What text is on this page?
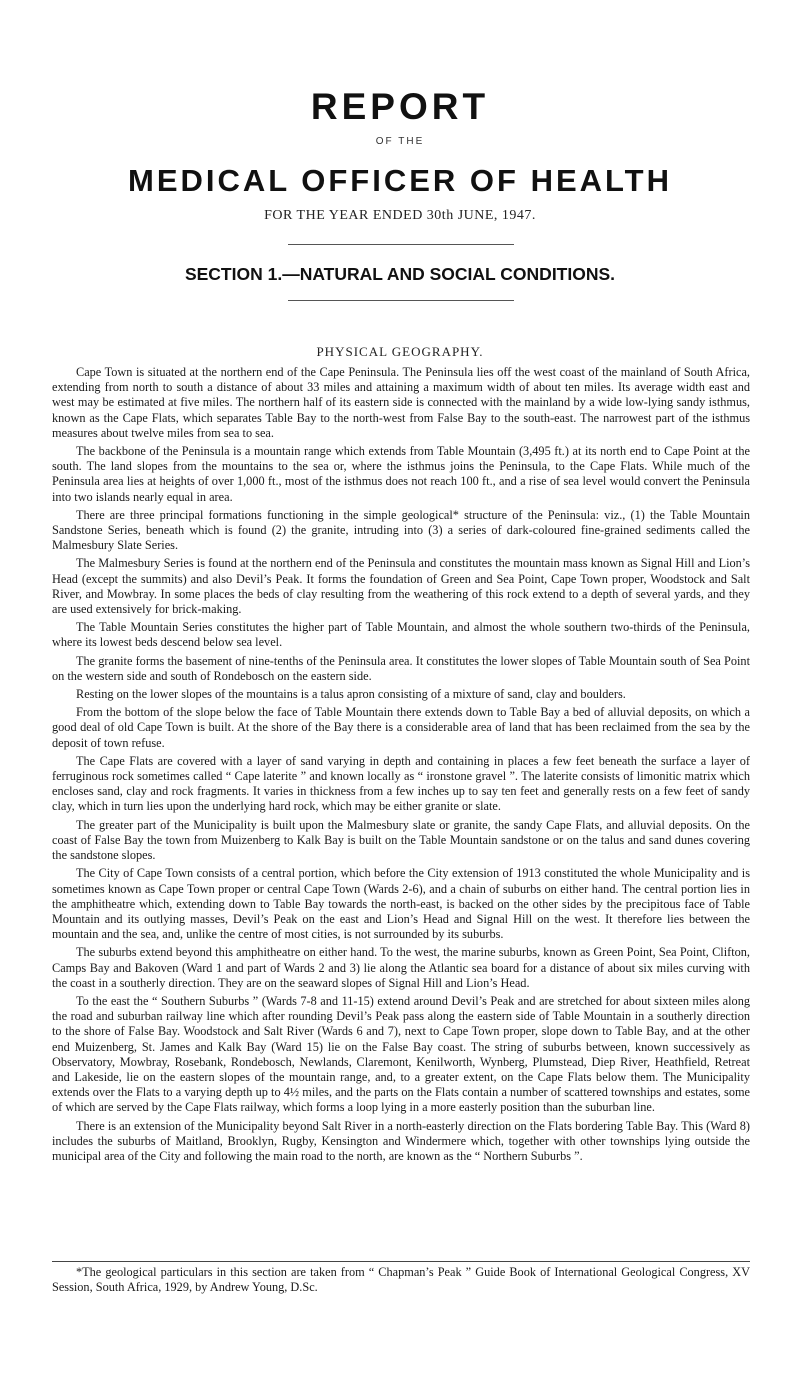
REPORT
OF THE
MEDICAL OFFICER OF HEALTH
FOR THE YEAR ENDED 30th JUNE, 1947.
SECTION 1.—NATURAL AND SOCIAL CONDITIONS.
PHYSICAL GEOGRAPHY.

Cape Town is situated at the northern end of the Cape Peninsula. The Peninsula lies off the west coast of the mainland of South Africa, extending from north to south a distance of about 33 miles and attaining a maximum width of about ten miles. Its average width east and west may be estimated at five miles. The northern half of its eastern side is connected with the mainland by a wide low-lying sandy isthmus, known as the Cape Flats, which separates Table Bay to the north-west from False Bay to the south-east. The narrowest part of the isthmus measures about twelve miles from sea to sea.

The backbone of the Peninsula is a mountain range which extends from Table Mountain (3,495 ft.) at its north end to Cape Point at the south. The land slopes from the mountains to the sea or, where the isthmus joins the Peninsula, to the Cape Flats. While much of the Peninsula area lies at heights of over 1,000 ft., most of the isthmus does not reach 100 ft., and a rise of sea level would convert the Peninsula into two islands nearly equal in area.

There are three principal formations functioning in the simple geological* structure of the Peninsula: viz., (1) the Table Mountain Sandstone Series, beneath which is found (2) the granite, intruding into (3) a series of dark-coloured fine-grained sediments called the Malmesbury Slate Series.

The Malmesbury Series is found at the northern end of the Peninsula and constitutes the mountain mass known as Signal Hill and Lion’s Head (except the summits) and also Devil’s Peak. It forms the foundation of Green and Sea Point, Cape Town proper, Woodstock and Salt River, and Mowbray. In some places the beds of clay resulting from the weathering of this rock extend to a depth of several yards, and they are used extensively for brick-making.

The Table Mountain Series constitutes the higher part of Table Mountain, and almost the whole southern two-thirds of the Peninsula, where its lowest beds descend below sea level.

The granite forms the basement of nine-tenths of the Peninsula area. It constitutes the lower slopes of Table Mountain south of Sea Point on the western side and south of Rondebosch on the eastern side.

Resting on the lower slopes of the mountains is a talus apron consisting of a mixture of sand, clay and boulders.

From the bottom of the slope below the face of Table Mountain there extends down to Table Bay a bed of alluvial deposits, on which a good deal of old Cape Town is built. At the shore of the Bay there is a considerable area of land that has been reclaimed from the sea by the deposit of town refuse.

The Cape Flats are covered with a layer of sand varying in depth and containing in places a few feet beneath the surface a layer of ferruginous rock sometimes called “ Cape laterite ” and known locally as “ ironstone gravel ”. The laterite consists of limonitic matrix which encloses sand, clay and rock fragments. It varies in thickness from a few inches up to say ten feet and generally rests on a few feet of sandy clay, which in turn lies upon the underlying hard rock, which may be either granite or slate.

The greater part of the Municipality is built upon the Malmesbury slate or granite, the sandy Cape Flats, and alluvial deposits. On the coast of False Bay the town from Muizenberg to Kalk Bay is built on the Table Mountain sandstone or on the talus and sand dunes covering the sandstone slopes.

The City of Cape Town consists of a central portion, which before the City extension of 1913 constituted the whole Municipality and is sometimes known as Cape Town proper or central Cape Town (Wards 2-6), and a chain of suburbs on either hand. The central portion lies in the amphitheatre which, extending down to Table Bay towards the north-east, is backed on the other sides by the precipitous face of Table Mountain and its outlying masses, Devil’s Peak on the east and Lion’s Head and Signal Hill on the west. It therefore lies between the mountain and the sea, and, unlike the centre of most cities, is not surrounded by its suburbs.

The suburbs extend beyond this amphitheatre on either hand. To the west, the marine suburbs, known as Green Point, Sea Point, Clifton, Camps Bay and Bakoven (Ward 1 and part of Wards 2 and 3) lie along the Atlantic sea board for a distance of about six miles curving with the coast in a southerly direction. They are on the seaward slopes of Signal Hill and Lion’s Head.

To the east the “ Southern Suburbs ” (Wards 7-8 and 11-15) extend around Devil’s Peak and are stretched for about sixteen miles along the road and suburban railway line which after rounding Devil’s Peak pass along the eastern side of Table Mountain in a southerly direction to the shore of False Bay. Woodstock and Salt River (Wards 6 and 7), next to Cape Town proper, slope down to Table Bay, and at the other end Muizenberg, St. James and Kalk Bay (Ward 15) lie on the False Bay coast. The string of suburbs between, known successively as Observatory, Mowbray, Rosebank, Rondebosch, Newlands, Claremont, Kenilworth, Wynberg, Plumstead, Diep River, Heathfield, Retreat and Lakeside, lie on the eastern slopes of the mountain range, and, to a greater extent, on the Cape Flats below them. The Municipality extends over the Flats to a varying depth up to 4½ miles, and the parts on the Flats contain a number of scattered townships and estates, some of which are served by the Cape Flats railway, which forms a loop lying in a more easterly position than the suburban line.

There is an extension of the Municipality beyond Salt River in a north-easterly direction on the Flats bordering Table Bay. This (Ward 8) includes the suburbs of Maitland, Brooklyn, Rugby, Kensington and Windermere which, together with other townships lying outside the municipal area of the City and following the main road to the north, are known as the “ Northern Suburbs ”.

*The geological particulars in this section are taken from “ Chapman’s Peak ” Guide Book of International Geological Congress, XV Session, South Africa, 1929, by Andrew Young, D.Sc.
